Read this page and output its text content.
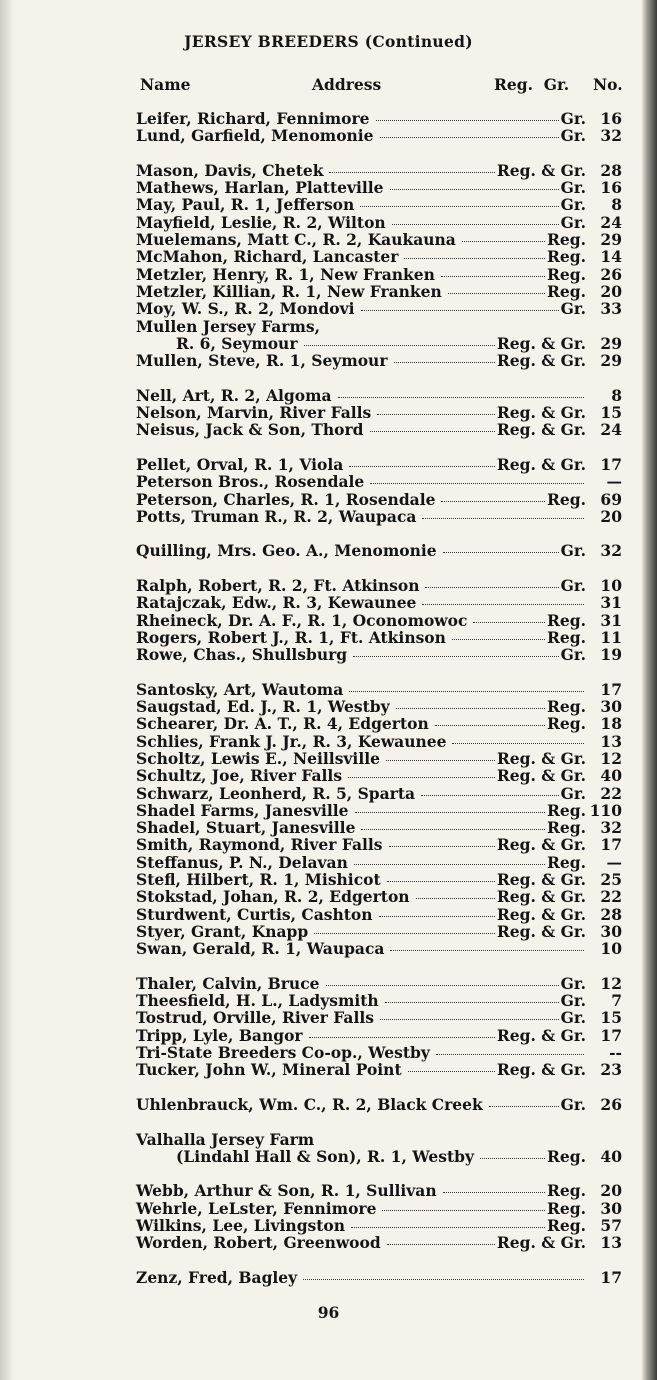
JERSEY BREEDERS (Continued)
Name	Address	Reg.  Gr. No.
Leifer, Richard, Fennimore	Gr. 16
Lund, Garfield, Menomonie	Gr. 32
Mason, Davis, Chetek	Reg. & Gr. 28
Mathews, Harlan, Platteville	Gr. 16
May, Paul, R. 1, Jefferson	Gr.	8
Mayfield, Leslie, R. 2, Wilton	Gr. 24
Muelemans, Matt C., R. 2, Kaukauna	Reg. 29
McMahon, Richard, Lancaster	Reg. 14
Metzler, Henry, R. 1, New Franken	Reg. 26
Metzler, Killian, R. 1, New Franken	Reg. 20
Moy, W. S., R. 2, Mondovi	Gr. 33
Mullen Jersey Farms,
R. 6, Seymour	Reg. & Gr. 29
Mullen, Steve, R. 1, Seymour	Reg. & Gr. 29
Nell, Art, R. 2, Algoma	8
Nelson, Marvin, River Falls	Reg. & Gr. 15
Neisus, Jack & Son, Thord	Reg. & Gr. 24
Pellet, Orval, R. 1, Viola	Reg. & Gr. 17
Peterson Bros., Rosendale	—
Peterson, Charles, R. 1, Rosendale	Reg. 69
Potts, Truman R., R. 2, Waupaca	20
Quilling, Mrs. Geo. A., Menomonie	Gr. 32
Ralph, Robert, R. 2, Ft. Atkinson	Gr. 10
Ratajczak, Edw., R. 3, Kewaunee	31
Rheineck, Dr. A. F., R. 1, Oconomowoc	Reg. 31
Rogers, Robert J., R. 1, Ft. Atkinson	Reg. 11
Rowe, Chas., Shullsburg	Gr. 19
Santosky, Art, Wautoma	17
Saugstad, Ed. J., R. 1, Westby	Reg. 30
Schearer, Dr. A. T., R. 4, Edgerton	Reg. 18
Schlies, Frank J. Jr., R. 3, Kewaunee	13
Scholtz, Lewis E., Neillsville	Reg. & Gr. 12
Schultz, Joe, River Falls	Reg. & Gr. 40
Schwarz, Leonherd, R. 5, Sparta	Gr. 22
Shadel Farms, Janesville	Reg. 110
Shadel, Stuart, Janesville	Reg. 32
Smith, Raymond, River Falls	Reg. & Gr. 17
Steffanus, P. N., Delavan	Reg.	—
Stefl, Hilbert, R. 1, Mishicot	Reg. & Gr. 25
Stokstad, Johan, R. 2, Edgerton	Reg. & Gr. 22
Sturdwent, Curtis, Cashton	Reg. & Gr. 28
Styer, Grant, Knapp	Reg. & Gr. 30
Swan, Gerald, R. 1, Waupaca	10
Thaler, Calvin, Bruce	Gr. 12
Theesfield, H. L., Ladysmith	Gr.	7
Tostrud, Orville, River Falls	Gr. 15
Tripp, Lyle, Bangor	Reg. & Gr. 17
Tri-State Breeders Co-op., Westby	--
Tucker, John W., Mineral Point	Reg. & Gr. 23
Uhlenbrauck, Wm. C., R. 2, Black Creek	Gr. 26
Valhalla Jersey Farm
(Lindahl Hall & Son), R. 1, Westby	Reg. 40
Webb, Arthur & Son, R. 1, Sullivan	Reg. 20
Wehrle, LeLster, Fennimore	Reg. 30
Wilkins, Lee, Livingston	Reg. 57
Worden, Robert, Greenwood	Reg. & Gr. 13
Zenz, Fred, Bagley	17
96
